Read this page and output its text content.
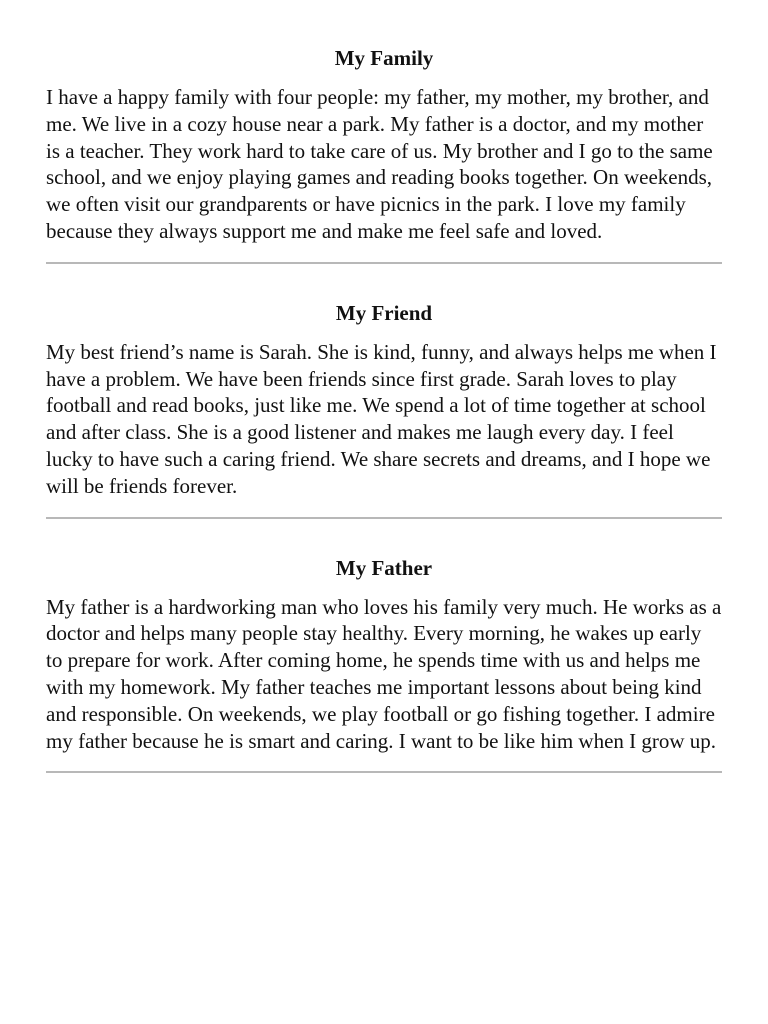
My Family

I have a happy family with four people: my father, my mother, my brother, and me. We live in a cozy house near a park. My father is a doctor, and my mother is a teacher. They work hard to take care of us. My brother and I go to the same school, and we enjoy playing games and reading books together. On weekends, we often visit our grandparents or have picnics in the park. I love my family because they always support me and make me feel safe and loved.

My Friend

My best friend’s name is Sarah. She is kind, funny, and always helps me when I have a problem. We have been friends since first grade. Sarah loves to play football and read books, just like me. We spend a lot of time together at school and after class. She is a good listener and makes me laugh every day. I feel lucky to have such a caring friend. We share secrets and dreams, and I hope we will be friends forever.

My Father

My father is a hardworking man who loves his family very much. He works as a doctor and helps many people stay healthy. Every morning, he wakes up early to prepare for work. After coming home, he spends time with us and helps me with my homework. My father teaches me important lessons about being kind and responsible. On weekends, we play football or go fishing together. I admire my father because he is smart and caring. I want to be like him when I grow up.
